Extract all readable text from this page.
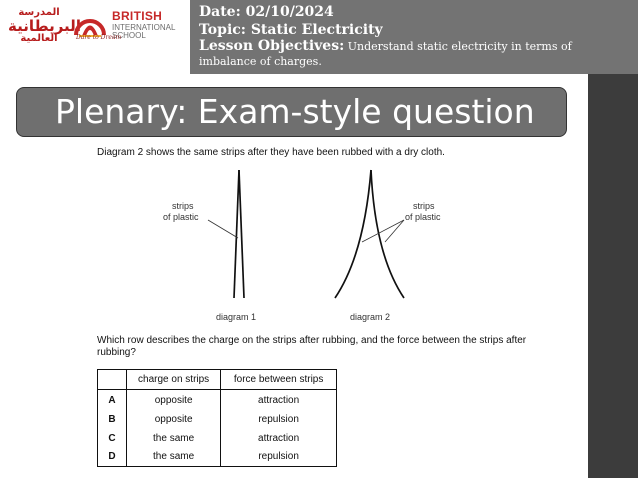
المدرسة
البريطانية
العالمية
BRITISH
INTERNATIONAL
SCHOOL
Dare to Dream
Date: 02/10/2024
Topic: Static Electricity
Lesson Objectives: Understand static electricity in terms of imbalance of charges.
Plenary: Exam-style question
Diagram 2 shows the same strips after they have been rubbed with a dry cloth.
strips
of plastic
strips
of plastic
diagram 1	diagram 2
Which row describes the charge on the strips after rubbing, and the force between the strips after rubbing?
	charge on strips	force between strips
A	opposite	attraction
B	opposite	repulsion
C	the same	attraction
D	the same	repulsion
